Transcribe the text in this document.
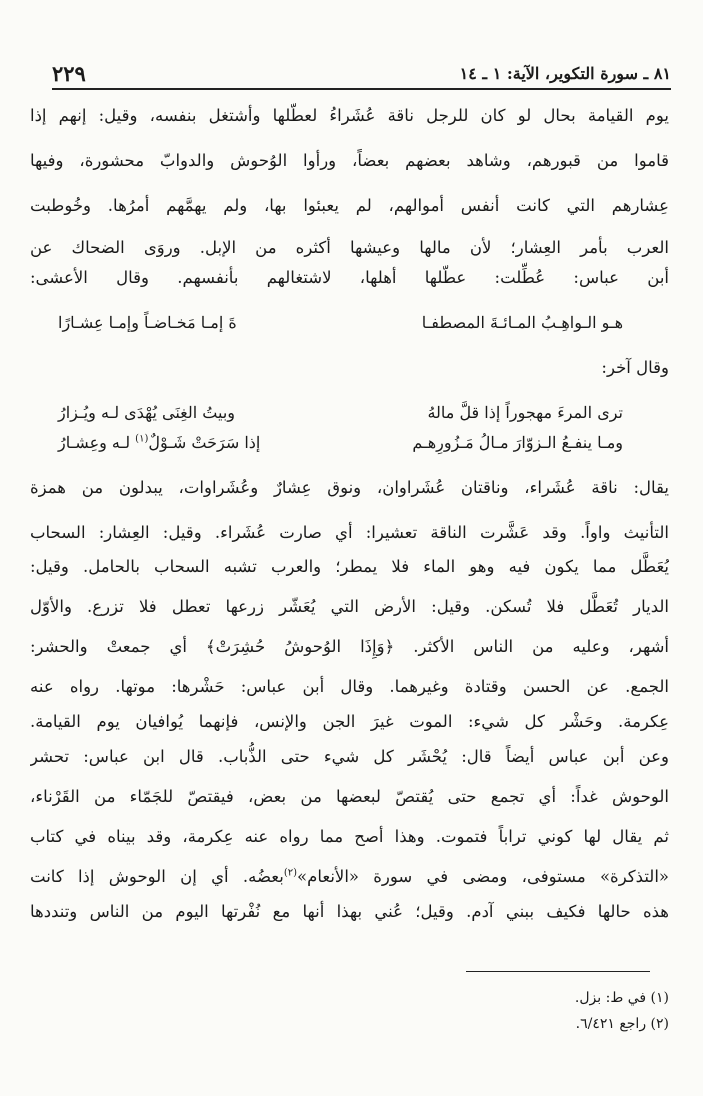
٢٢٩	٨١ ـ سورة التكوير، الآية: ١ ـ ١٤
يوم القيامة بحال لو كان للرجل ناقة عُشَراءُ لعطّلها وأشتغل بنفسه، وقيل: إنهم إذا
قاموا من قبورهم، وشاهد بعضهم بعضاً، ورأوا الوُحوش والدوابّ محشورة، وفيها
عِشارهم التي كانت أنفس أموالهم، لم يعبئوا بها، ولم يهمَّهم أمرُها. وخُوطبت
العرب بأمر العِشار؛ لأن مالها وعيشها أكثره من الإبل. وروَى الضحاك عن
أبن عباس: عُطِّلت: عطّلها أهلها، لاشتغالهم بأنفسهم. وقال الأعشى:
هـو الـواهِـبُ المـائـةَ المصطفـا
ةَ إمـا مَخـاضـاً وإمـا عِشـارًا
وقال آخر:
ترى المرءَ مهجوراً إذا قلَّ مالهُ
وبيتُ الغِنَى يُهْدَى لـه ويُـزارُ
ومـا ينفـعُ الـزوّارَ مـالُ مَـزُورِهـم
إذا سَرَحَتْ شَـوْلٌ$^{(١)}$ لـه وعِشـارُ
يقال: ناقة عُشَراء، وناقتان عُشَراوان، ونوق عِشارٌ وعُشَراوات، يبدلون من همزة
التأنيث واواً. وقد عَشَّرت الناقة تعشيرا: أي صارت عُشَراء. وقيل: العِشار: السحاب
يُعَطَّل مما يكون فيه وهو الماء فلا يمطر؛ والعرب تشبه السحاب بالحامل. وقيل:
الديار تُعَطَّل فلا تُسكن. وقيل: الأرض التي يُعَشّر زرعها تعطل فلا تزرع. والأوّل
أشهر، وعليه من الناس الأكثر. ﴿وَإِذَا الوُحوشُ حُشِرَتْ﴾ أي جمعتْ والحشر:
الجمع. عن الحسن وقتادة وغيرهما. وقال أبن عباس: حَشْرها: موتها. رواه عنه
عِكرمة. وحَشْر كل شيء: الموت غيرَ الجن والإنس، فإنهما يُوافيان يوم القيامة.
وعن أبن عباس أيضاً قال: يُحْشَر كل شيء حتى الذُّباب. قال ابن عباس: تحشر
الوحوش غداً: أي تجمع حتى يُقتصّ لبعضها من بعض، فيقتصّ للجَمّاء من القَرْناء،
ثم يقال لها كوني تراباً فتموت. وهذا أصح مما رواه عنه عِكرمة، وقد بيناه في كتاب
«التذكرة» مستوفى، ومضى في سورة «الأنعام»$^{(٢)}$بعضُه. أي إن الوحوش إذا كانت
هذه حالها فكيف ببني آدم. وقيل؛ عُني بهذا أنها مع نُفْرتها اليوم من الناس وتنددها
(١) في ط: بزل.
(٢) راجع ٦/٤٢١.
